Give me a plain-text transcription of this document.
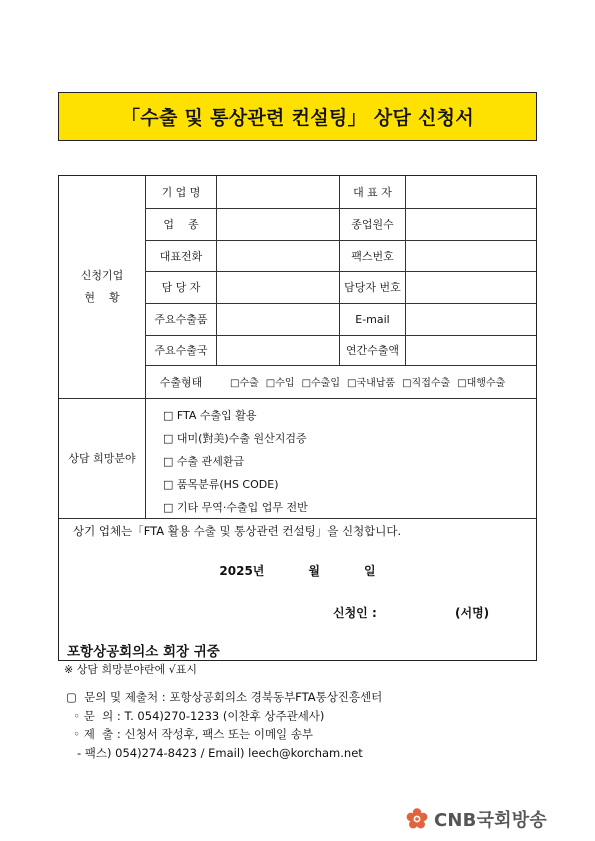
「수출 및 통상관련 컨설팅」 상담 신청서
신청기업
현    황
기 업 명	대 표 자
업    종	종업원수
대표전화	팩스번호
담 당 자	담당자 번호
주요수출품	E-mail
주요수출국	연간수출액
수출형태	□수출 □수입 □수출입 □국내납품 □직접수출 □대행수출
상담 희망분야
□ FTA 수출입 활용
□ 대미(對美)수출 원산지검증
□ 수출 관세환급
□ 품목분류(HS CODE)
□ 기타 무역·수출입 업무 전반
상기 업체는「FTA 활용 수출 및 통상관련 컨설팅」을 신청합니다.
2025년	월	일
신청인 :	(서명)
포항상공회의소 회장 귀중
※ 상담 희망분야란에 √표시
▢  문의 및 제출처 : 포항상공회의소 경북동부FTA통상진흥센터
◦ 문  의 : T. 054)270-1233 (이찬후 상주관세사)
◦ 제  출 : 신청서 작성후, 팩스 또는 이메일 송부
- 팩스) 054)274-8423 / Email) leech@korcham.net
CNB국회방송
